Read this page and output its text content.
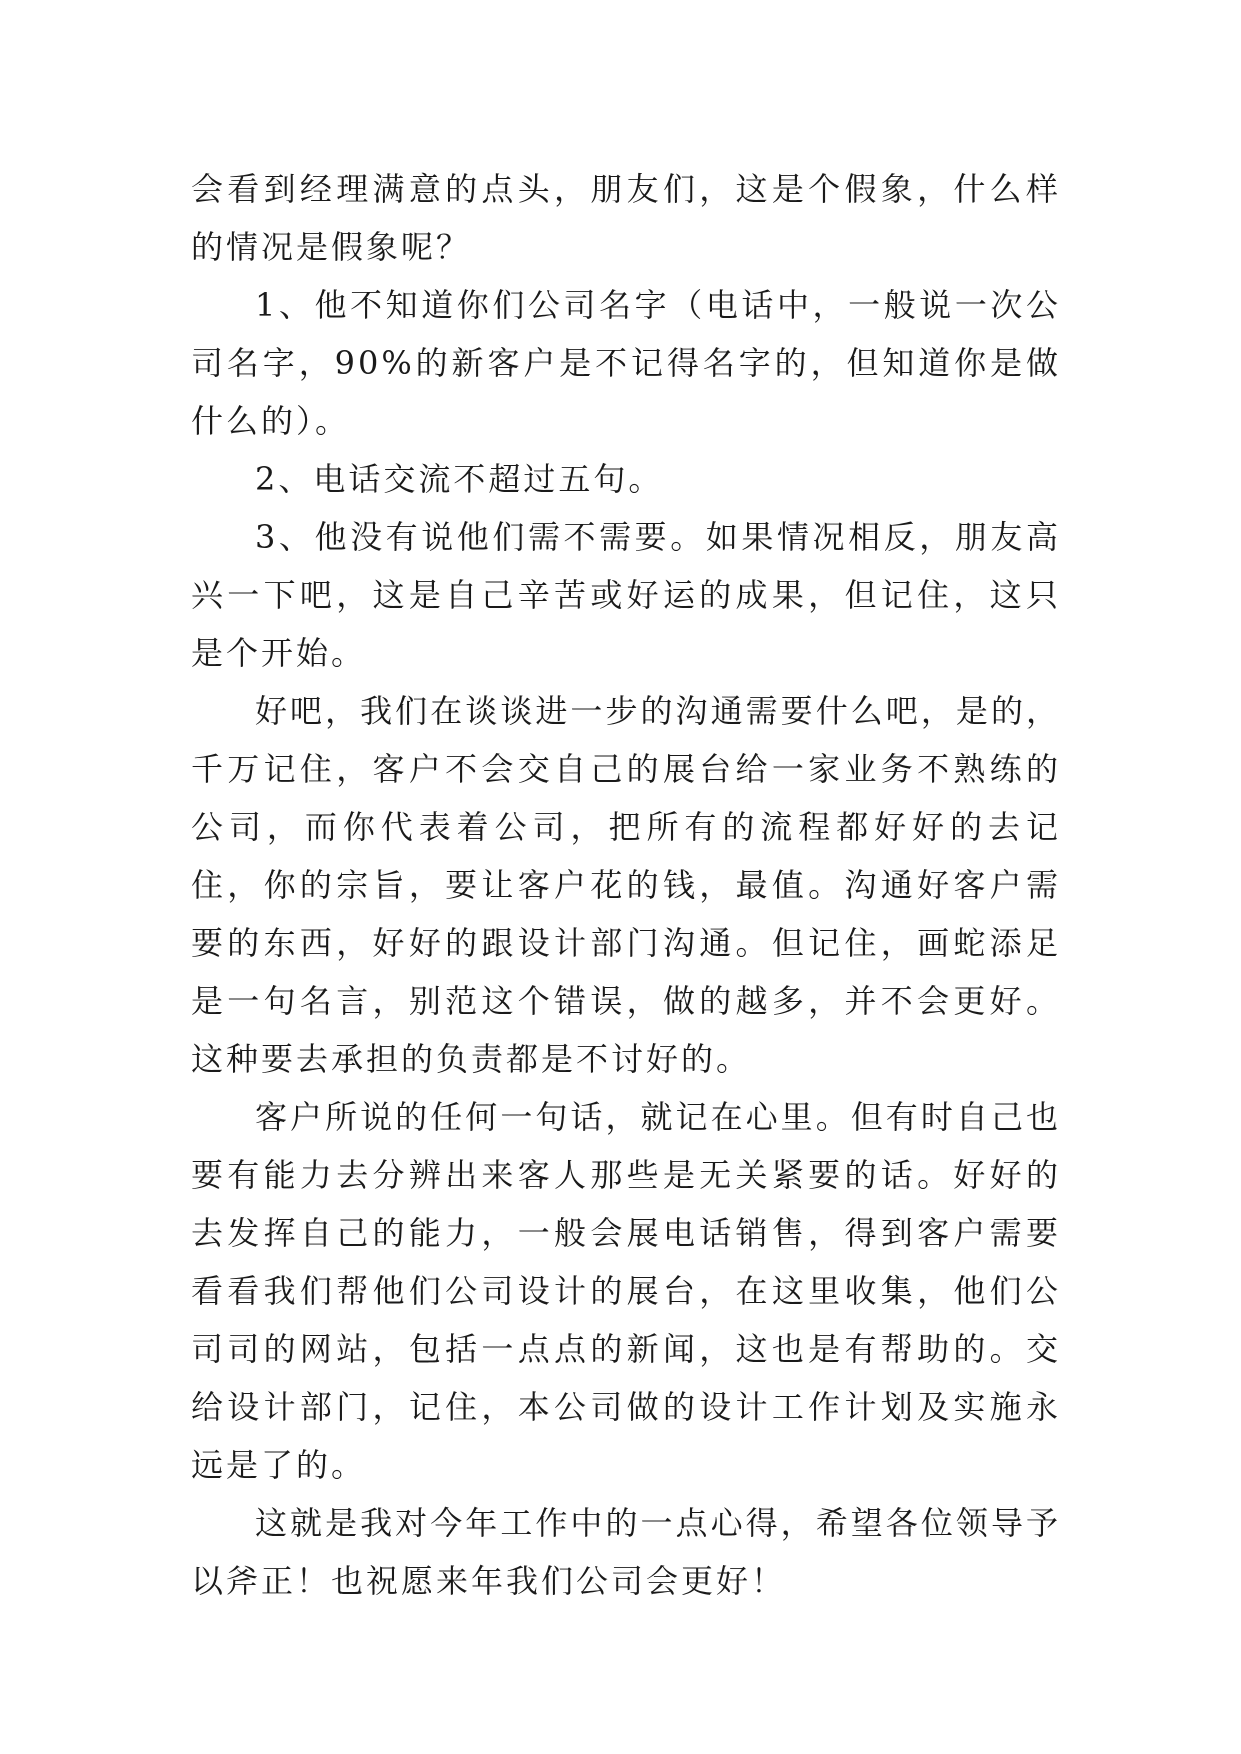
会看到经理满意的点头，朋友们，这是个假象，什么样的情况是假象呢？

1、他不知道你们公司名字（电话中，一般说一次公司名字，90%的新客户是不记得名字的，但知道你是做什么的）。

2、电话交流不超过五句。

3、他没有说他们需不需要。如果情况相反，朋友高兴一下吧，这是自己辛苦或好运的成果，但记住，这只是个开始。

好吧，我们在谈谈进一步的沟通需要什么吧，是的，千万记住，客户不会交自己的展台给一家业务不熟练的公司，而你代表着公司，把所有的流程都好好的去记住，你的宗旨，要让客户花的钱，最值。沟通好客户需要的东西，好好的跟设计部门沟通。但记住，画蛇添足是一句名言，别范这个错误，做的越多，并不会更好。这种要去承担的负责都是不讨好的。

客户所说的任何一句话，就记在心里。但有时自己也要有能力去分辨出来客人那些是无关紧要的话。好好的去发挥自己的能力，一般会展电话销售，得到客户需要看看我们帮他们公司设计的展台，在这里收集，他们公司司的网站，包括一点点的新闻，这也是有帮助的。交给设计部门，记住，本公司做的设计工作计划及实施永远是了的。

这就是我对今年工作中的一点心得，希望各位领导予以斧正！也祝愿来年我们公司会更好！
